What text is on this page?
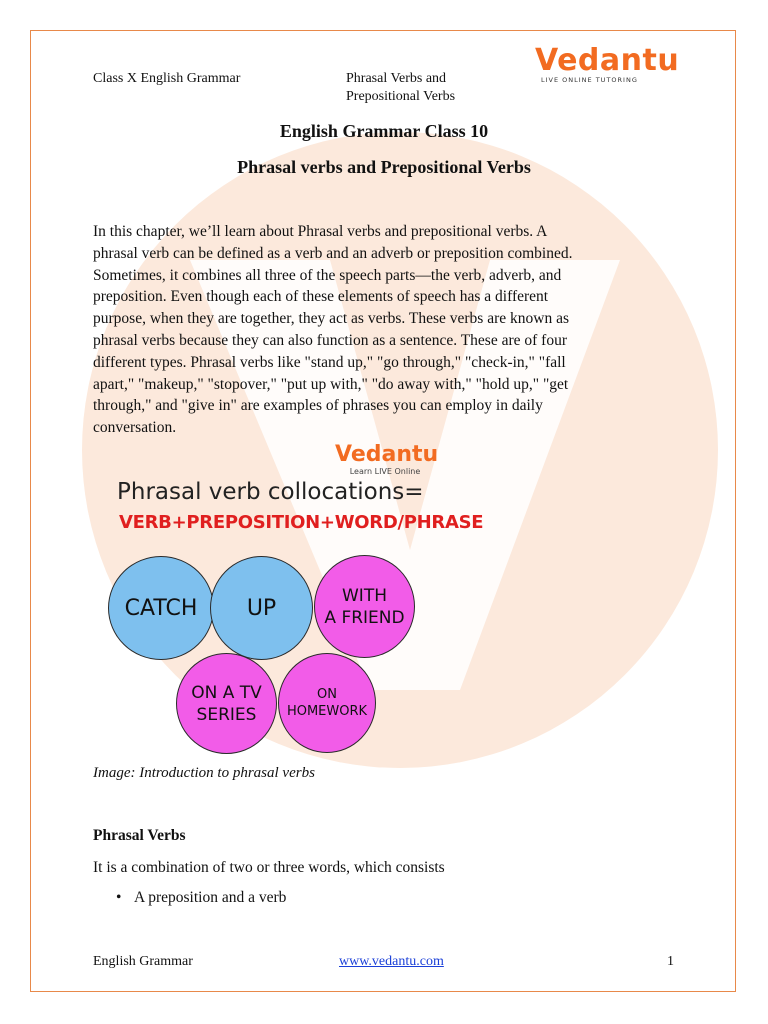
Class X English Grammar	Phrasal Verbs and
Prepositional Verbs
Vedantu
LIVE ONLINE TUTORING
English Grammar Class 10
Phrasal verbs and Prepositional Verbs
In this chapter, we’ll learn about Phrasal verbs and prepositional verbs. A
phrasal verb can be defined as a verb and an adverb or preposition combined.
Sometimes, it combines all three of the speech parts—the verb, adverb, and
preposition. Even though each of these elements of speech has a different
purpose, when they are together, they act as verbs. These verbs are known as
phrasal verbs because they can also function as a sentence. These are of four
different types. Phrasal verbs like "stand up," "go through," "check-in," "fall
apart," "makeup," "stopover," "put up with," "do away with," "hold up," "get
through," and "give in" are examples of phrases you can employ in daily
conversation.
Vedantu
Learn LIVE Online
Phrasal verb collocations=
VERB+PREPOSITION+WORD/PHRASE
CATCH UP	WITH
A FRIEND
ON A TV
SERIES
ON
HOMEWORK
Image: Introduction to phrasal verbs
Phrasal Verbs
It is a combination of two or three words, which consists
• A preposition and a verb
English Grammar	www.vedantu.com	1
